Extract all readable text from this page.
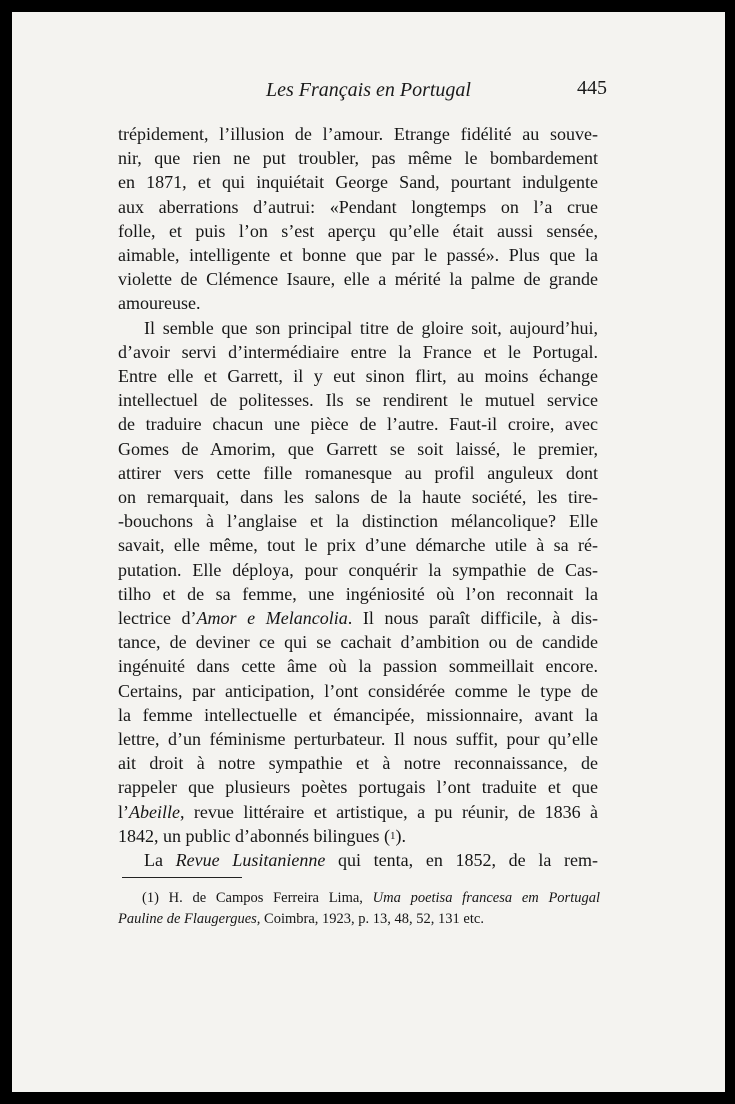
Les Français en Portugal	445

trépidement, l’illusion de l’amour. Etrange fidélité au souve-
nir, que rien ne put troubler, pas même le bombardement
en 1871, et qui inquiétait George Sand, pourtant indulgente
aux aberrations d’autrui: «Pendant longtemps on l’a crue
folle, et puis l’on s’est aperçu qu’elle était aussi sensée,
aimable, intelligente et bonne que par le passé». Plus que la
violette de Clémence Isaure, elle a mérité la palme de grande
amoureuse.

Il semble que son principal titre de gloire soit, aujourd’hui,
d’avoir servi d’intermédiaire entre la France et le Portugal.
Entre elle et Garrett, il y eut sinon flirt, au moins échange
intellectuel de politesses. Ils se rendirent le mutuel service
de traduire chacun une pièce de l’autre. Faut-il croire, avec
Gomes de Amorim, que Garrett se soit laissé, le premier,
attirer vers cette fille romanesque au profil anguleux dont
on remarquait, dans les salons de la haute société, les tire-
-bouchons à l’anglaise et la distinction mélancolique? Elle
savait, elle même, tout le prix d’une démarche utile à sa ré-
putation. Elle déploya, pour conquérir la sympathie de Cas-
tilho et de sa femme, une ingéniosité où l’on reconnait la
lectrice d’Amor e Melancolia. Il nous paraît difficile, à dis-
tance, de deviner ce qui se cachait d’ambition ou de candide
ingénuité dans cette âme où la passion sommeillait encore.
Certains, par anticipation, l’ont considérée comme le type de
la femme intellectuelle et émancipée, missionnaire, avant la
lettre, d’un féminisme perturbateur. Il nous suffit, pour qu’elle
ait droit à notre sympathie et à notre reconnaissance, de
rappeler que plusieurs poètes portugais l’ont traduite et que
l’Abeille, revue littéraire et artistique, a pu réunir, de 1836 à
1842, un public d’abonnés bilingues (1).

La Revue Lusitanienne qui tenta, en 1852, de la rem-

(1) H. de Campos Ferreira Lima, Uma poetisa francesa em Portugal
Pauline de Flaugergues, Coimbra, 1923, p. 13, 48, 52, 131 etc.
